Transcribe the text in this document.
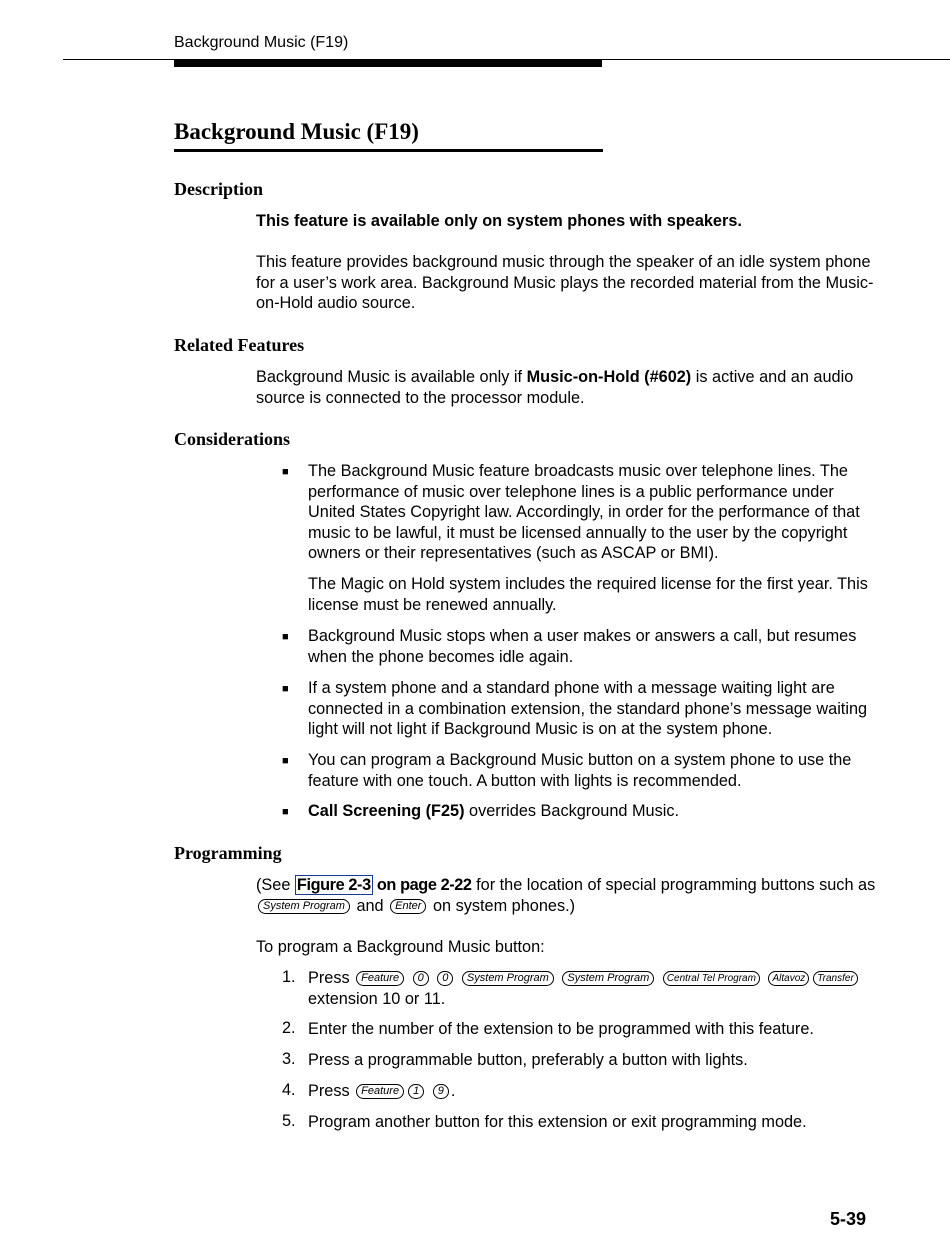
Background Music (F19)
Background Music (F19)
Description

This feature is available only on system phones with speakers.

This feature provides background music through the speaker of an idle system phone for a user’s work area. Background Music plays the recorded material from the Music-on-Hold audio source.

Related Features

Background Music is available only if Music-on-Hold (#602) is active and an audio source is connected to the processor module.

Considerations
■ The Background Music feature broadcasts music over telephone lines. The performance of music over telephone lines is a public performance under United States Copyright law. Accordingly, in order for the performance of that music to be lawful, it must be licensed annually to the user by the copyright owners or their representatives (such as ASCAP or BMI).

The Magic on Hold system includes the required license for the first year. This license must be renewed annually.

■ Background Music stops when a user makes or answers a call, but resumes when the phone becomes idle again.

■ If a system phone and a standard phone with a message waiting light are connected in a combination extension, the standard phone’s message waiting light will not light if Background Music is on at the system phone.

■ You can program a Background Music button on a system phone to use the feature with one touch. A button with lights is recommended.

■ Call Screening (F25) overrides Background Music.

Programming

(See Figure 2-3 on page 2-22 for the location of special programming buttons such as System Program and Enter on system phones.)

To program a Background Music button:

1. Press Feature 0 0 System Program System Program Central Tel Program Altavoz Transfer
extension 10 or 11.

2. Enter the number of the extension to be programmed with this feature.

3. Press a programmable button, preferably a button with lights.

4. Press Feature 1 9 .

5. Program another button for this extension or exit programming mode.

5-39
